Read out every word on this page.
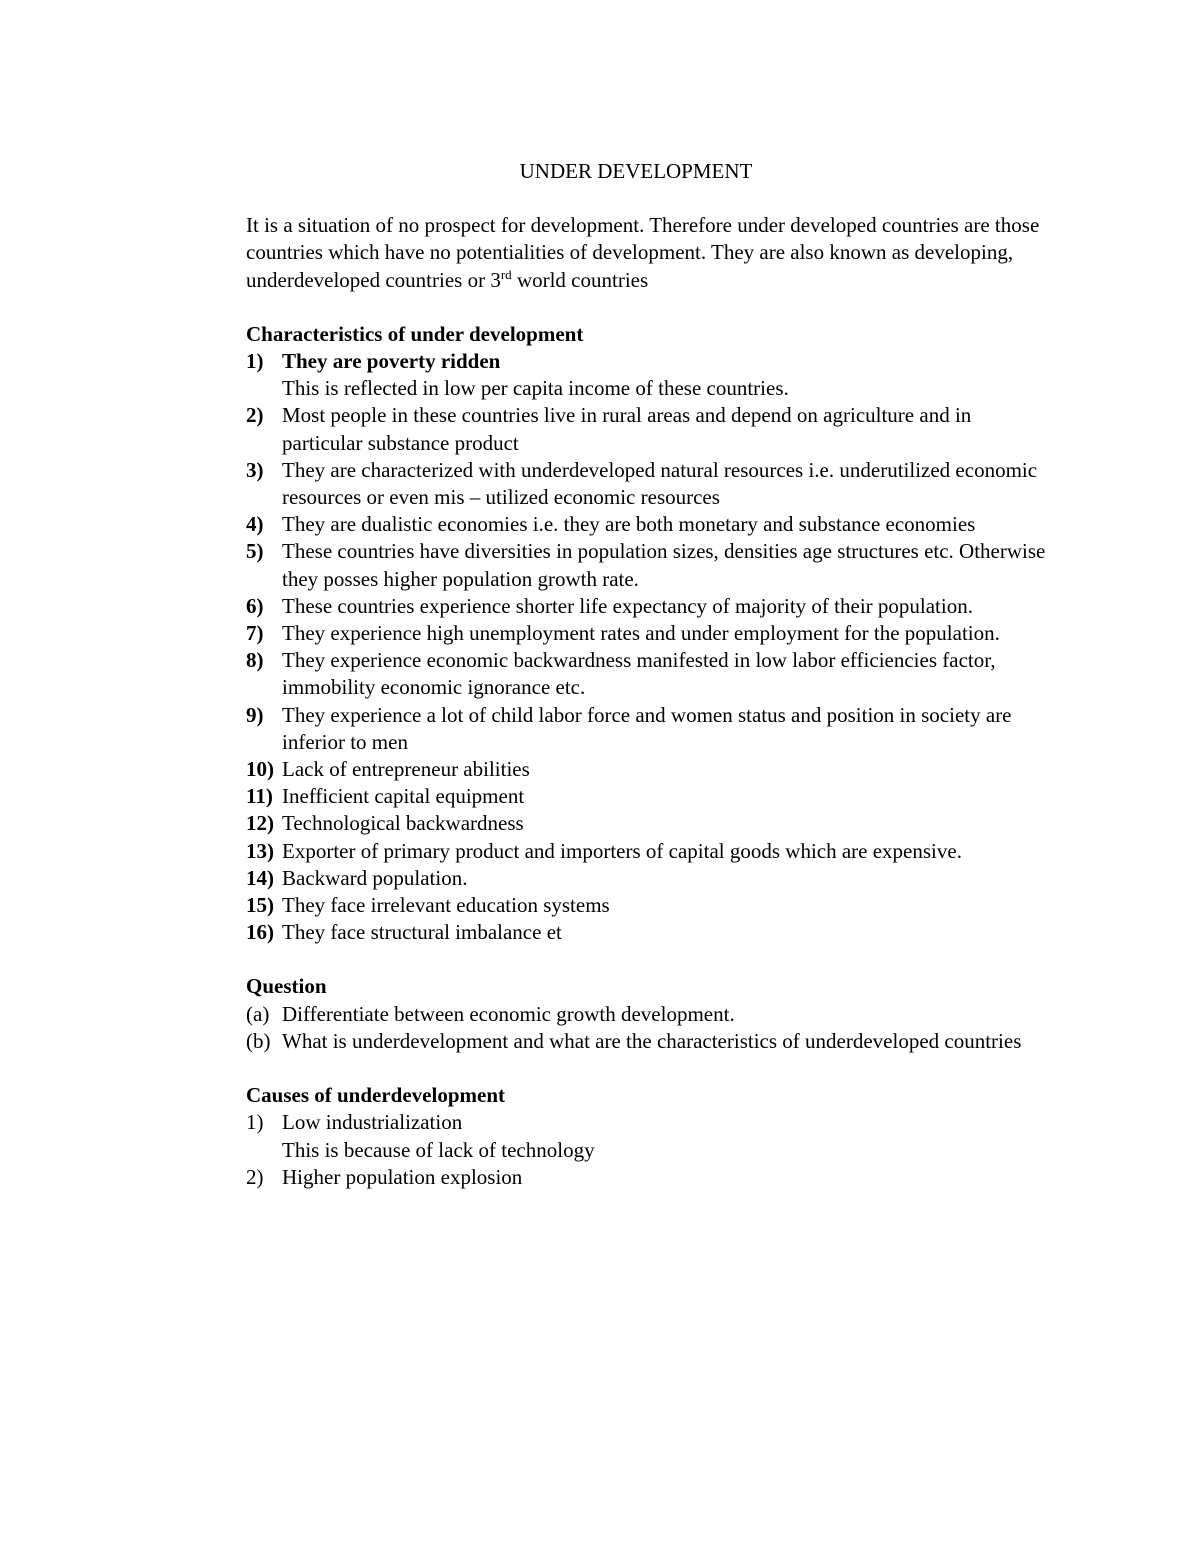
UNDER DEVELOPMENT

It is a situation of no prospect for development. Therefore under developed countries are those countries which have no potentialities of development. They are also known as developing, underdeveloped countries or 3rd world countries

Characteristics of under development
1) They are poverty ridden
This is reflected in low per capita income of these countries.
2) Most people in these countries live in rural areas and depend on agriculture and in particular substance product
3) They are characterized with underdeveloped natural resources i.e. underutilized economic resources or even mis – utilized economic resources
4) They are dualistic economies i.e. they are both monetary and substance economies
5) These countries have diversities in population sizes, densities age structures etc. Otherwise they posses higher population growth rate.
6) These countries experience shorter life expectancy of majority of their population.
7) They experience high unemployment rates and under employment for the population.
8) They experience economic backwardness manifested in low labor efficiencies factor, immobility economic ignorance etc.
9) They experience a lot of child labor force and women status and position in society are inferior to men
10) Lack of entrepreneur abilities
11) Inefficient capital equipment
12) Technological backwardness
13) Exporter of primary product and importers of capital goods which are expensive.
14) Backward population.
15) They face irrelevant education systems
16) They face structural imbalance et
Question
(a) Differentiate between economic growth development.
(b) What is underdevelopment and what are the characteristics of underdeveloped countries
Causes of underdevelopment
1) Low industrialization
This is because of lack of technology
2) Higher population explosion
